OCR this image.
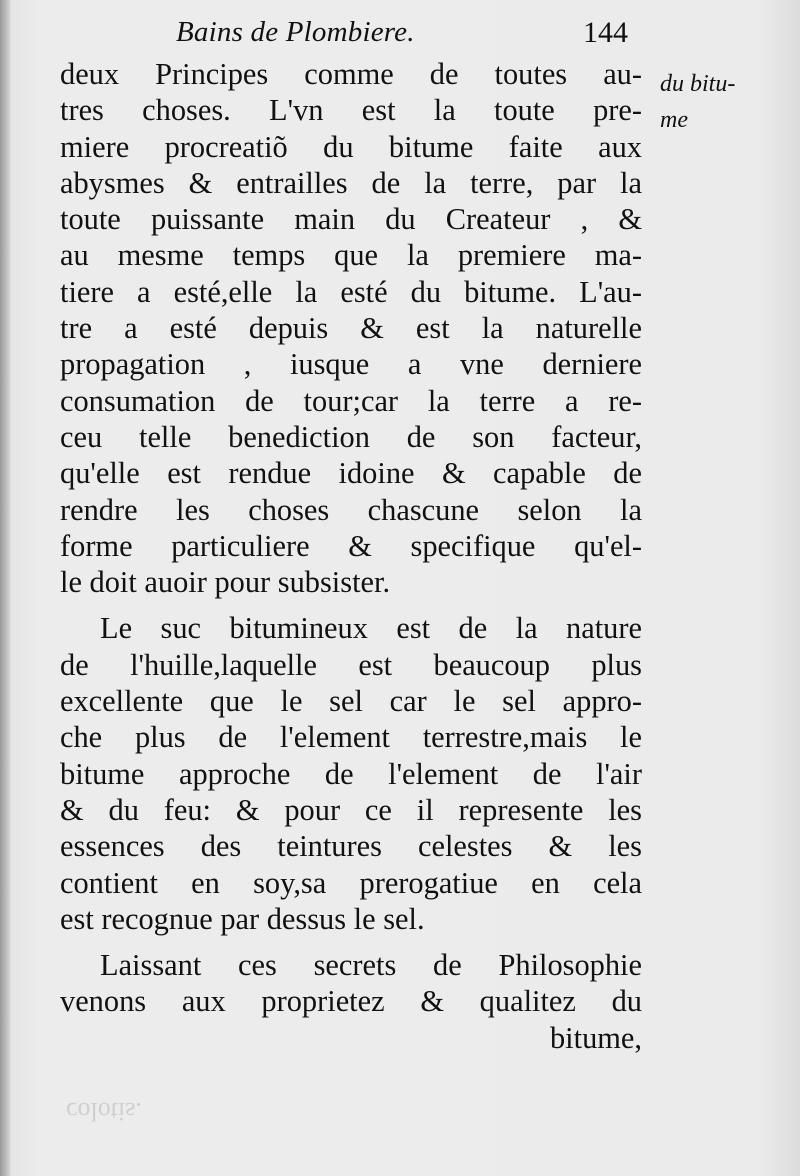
Bains de Plombiere.	144
du bitu-
me
deux Principes comme de toutes au-
tres choses. L'vn est la toute pre-
miere procreatiõ du bitume faite aux
abysmes & entrailles de la terre, par la
toute puissante main du Createur , &
au mesme temps que la premiere ma-
tiere a esté,elle la esté du bitume. L'au-
tre a esté depuis & est la naturelle
propagation , iusque a vne derniere
consumation de tour;car la terre a re-
ceu telle benediction de son facteur,
qu'elle est rendue idoine & capable de
rendre les choses chascune selon la
forme particuliere & specifique qu'el-
le doit auoir pour subsister.
Le suc bitumineux est de la nature
de l'huille,laquelle est beaucoup plus
excellente que le sel car le sel appro-
che plus de l'element terrestre,mais le
bitume approche de l'element de l'air
& du feu: & pour ce il represente les
essences des teintures celestes & les
contient en soy,sa prerogatiue en cela
est recognue par dessus le sel.
Laissant ces secrets de Philosophie
venons aux proprietez & qualitez du
bitume,
colotis.
